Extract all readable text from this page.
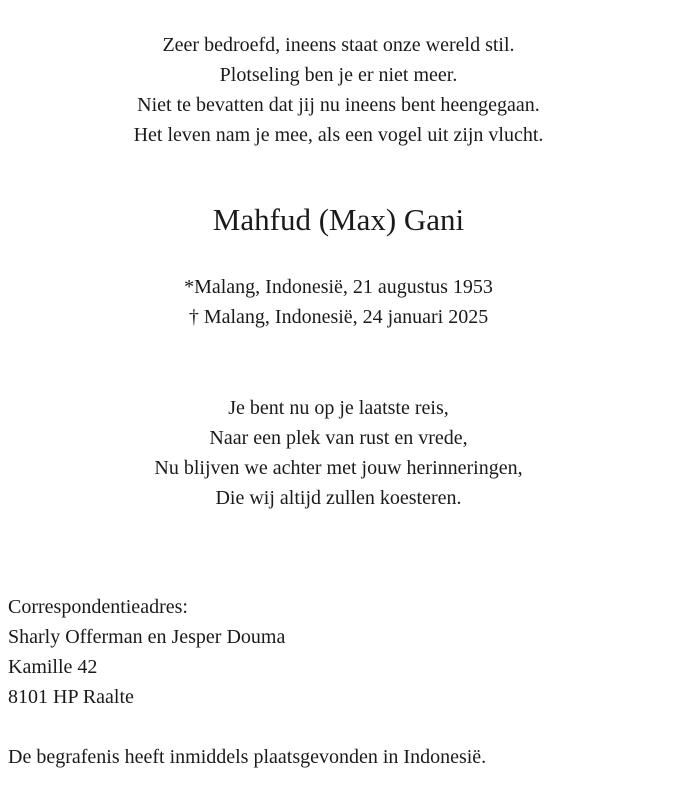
Zeer bedroefd, ineens staat onze wereld stil.
Plotseling ben je er niet meer.
Niet te bevatten dat jij nu ineens bent heengegaan.
Het leven nam je mee, als een vogel uit zijn vlucht.
Mahfud (Max) Gani
*Malang, Indonesië, 21 augustus 1953
† Malang, Indonesië, 24 januari 2025
Je bent nu op je laatste reis,
Naar een plek van rust en vrede,
Nu blijven we achter met jouw herinneringen,
Die wij altijd zullen koesteren.
Correspondentieadres:
Sharly Offerman en Jesper Douma
Kamille 42
8101 HP Raalte
De begrafenis heeft inmiddels plaatsgevonden in Indonesië.
